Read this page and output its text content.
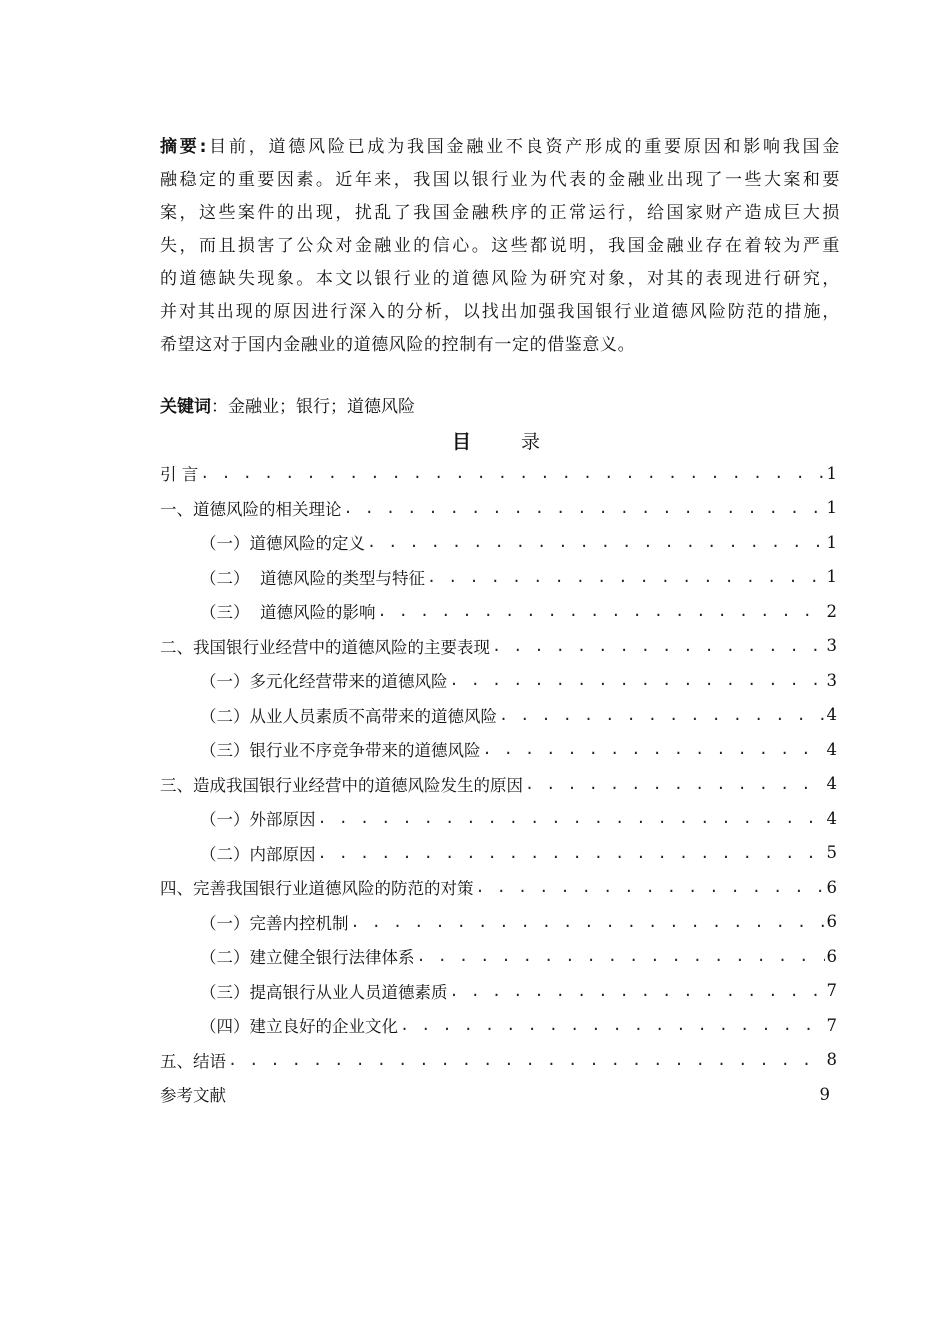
摘要:目前，道德风险已成为我国金融业不良资产形成的重要原因和影响我国金
融稳定的重要因素。近年来，我国以银行业为代表的金融业出现了一些大案和要
案，这些案件的出现，扰乱了我国金融秩序的正常运行，给国家财产造成巨大损
失，而且损害了公众对金融业的信心。这些都说明，我国金融业存在着较为严重
的道德缺失现象。本文以银行业的道德风险为研究对象，对其的表现进行研究，
并对其出现的原因进行深入的分析，以找出加强我国银行业道德风险防范的措施，
希望这对于国内金融业的道德风险的控制有一定的借鉴意义。
关键词：金融业；银行；道德风险
目	录
引 言 . . .	1
一、道德风险的相关理论 . . .	1
（一）道德风险的定义 . . .	1
（二）  道德风险的类型与特征 . . .	1
（三）  道德风险的影响 . . .	2
二、我国银行业经营中的道德风险的主要表现 . . .	3
（一）多元化经营带来的道德风险 . . .	3
（二）从业人员素质不高带来的道德风险 . . .	4
（三）银行业不序竞争带来的道德风险 . . .	4
三、造成我国银行业经营中的道德风险发生的原因 . . .	4
（一）外部原因 . . .	4
（二）内部原因 . . .	5
四、完善我国银行业道德风险的防范的对策 . . .	6
（一）完善内控机制 . . .	6
（二）建立健全银行法律体系 . . .	6
（三）提高银行从业人员道德素质 . . .	7
（四）建立良好的企业文化 . . .	7
五、结语 . . .	8
参考文献	9
